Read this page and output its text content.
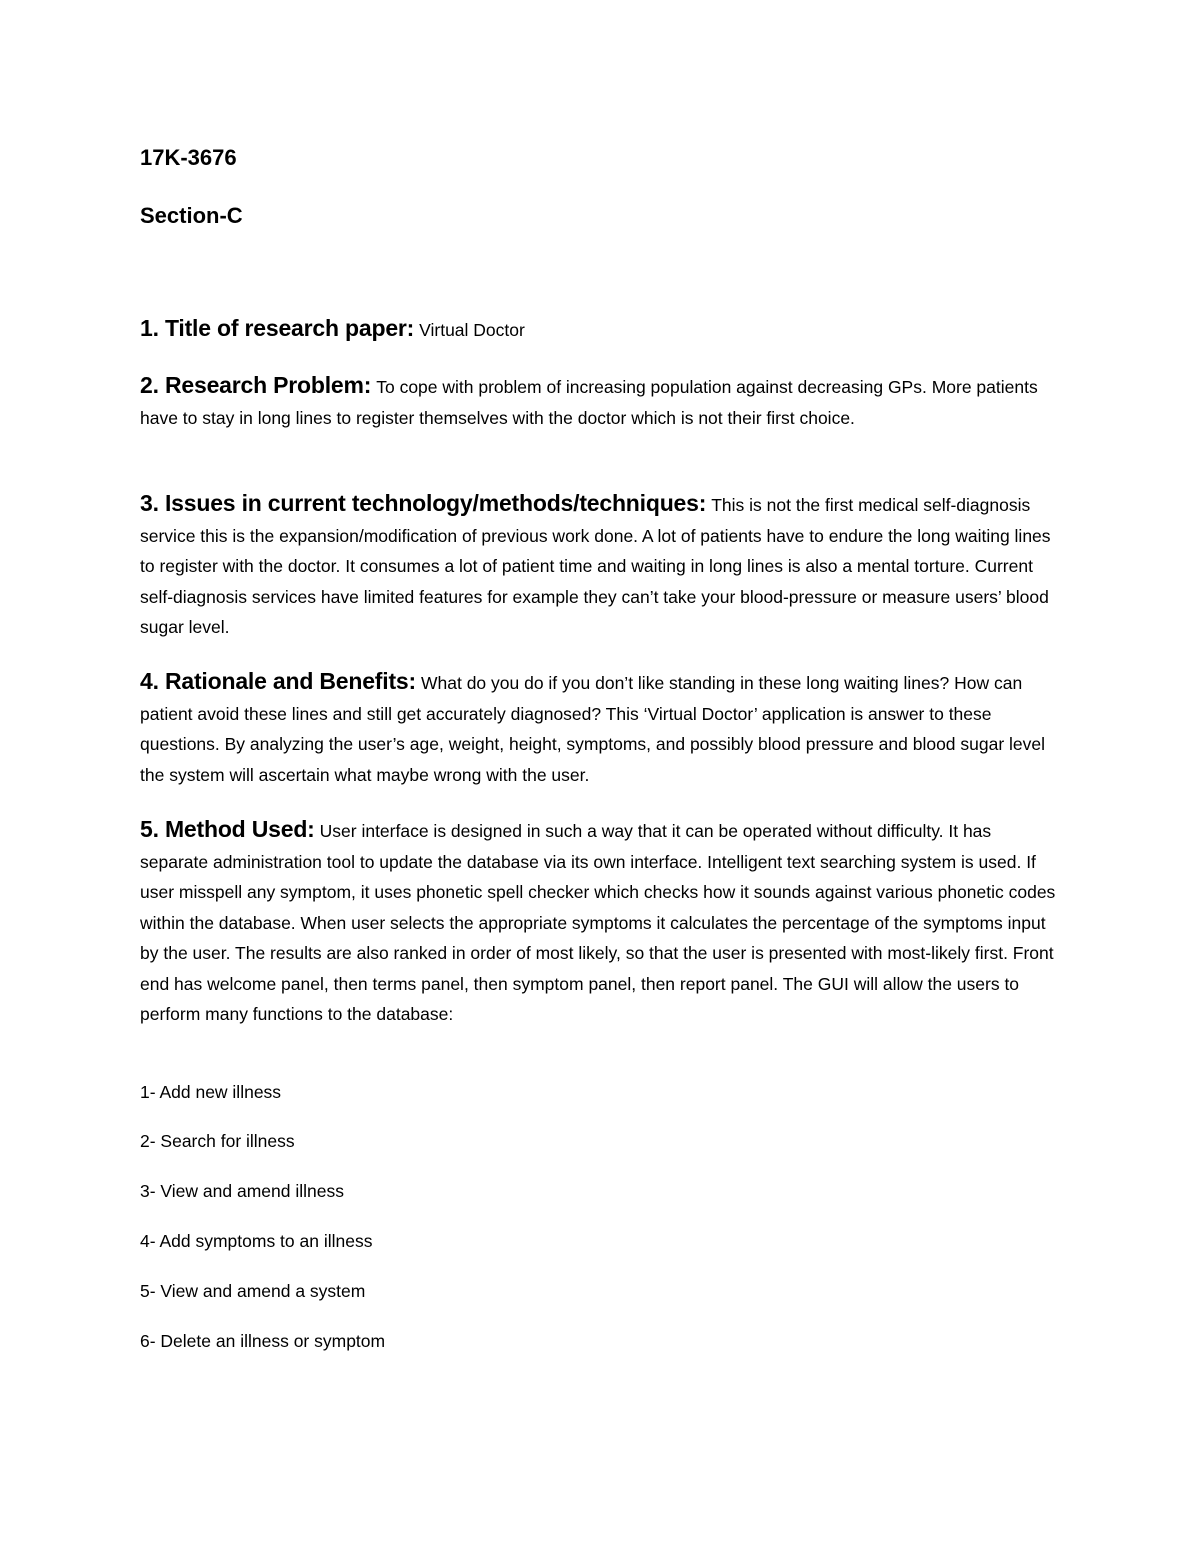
17K-3676
Section-C
1. Title of research paper: Virtual Doctor
2. Research Problem: To cope with problem of increasing population against decreasing GPs. More patients have to stay in long lines to register themselves with the doctor which is not their first choice.
3. Issues in current technology/methods/techniques: This is not the first medical self-diagnosis service this is the expansion/modification of previous work done. A lot of patients have to endure the long waiting lines to register with the doctor. It consumes a lot of patient time and waiting in long lines is also a mental torture. Current self-diagnosis services have limited features for example they can’t take your blood-pressure or measure users’ blood sugar level.
4. Rationale and Benefits: What do you do if you don’t like standing in these long waiting lines? How can patient avoid these lines and still get accurately diagnosed? This ‘Virtual Doctor’ application is answer to these questions. By analyzing the user’s age, weight, height, symptoms, and possibly blood pressure and blood sugar level the system will ascertain what maybe wrong with the user.
5. Method Used: User interface is designed in such a way that it can be operated without difficulty. It has separate administration tool to update the database via its own interface. Intelligent text searching system is used. If user misspell any symptom, it uses phonetic spell checker which checks how it sounds against various phonetic codes within the database. When user selects the appropriate symptoms it calculates the percentage of the symptoms input by the user. The results are also ranked in order of most likely, so that the user is presented with most-likely first. Front end has welcome panel, then terms panel, then symptom panel, then report panel. The GUI will allow the users to perform many functions to the database:
1- Add new illness
2- Search for illness
3- View and amend illness
4- Add symptoms to an illness
5- View and amend a system
6- Delete an illness or symptom
